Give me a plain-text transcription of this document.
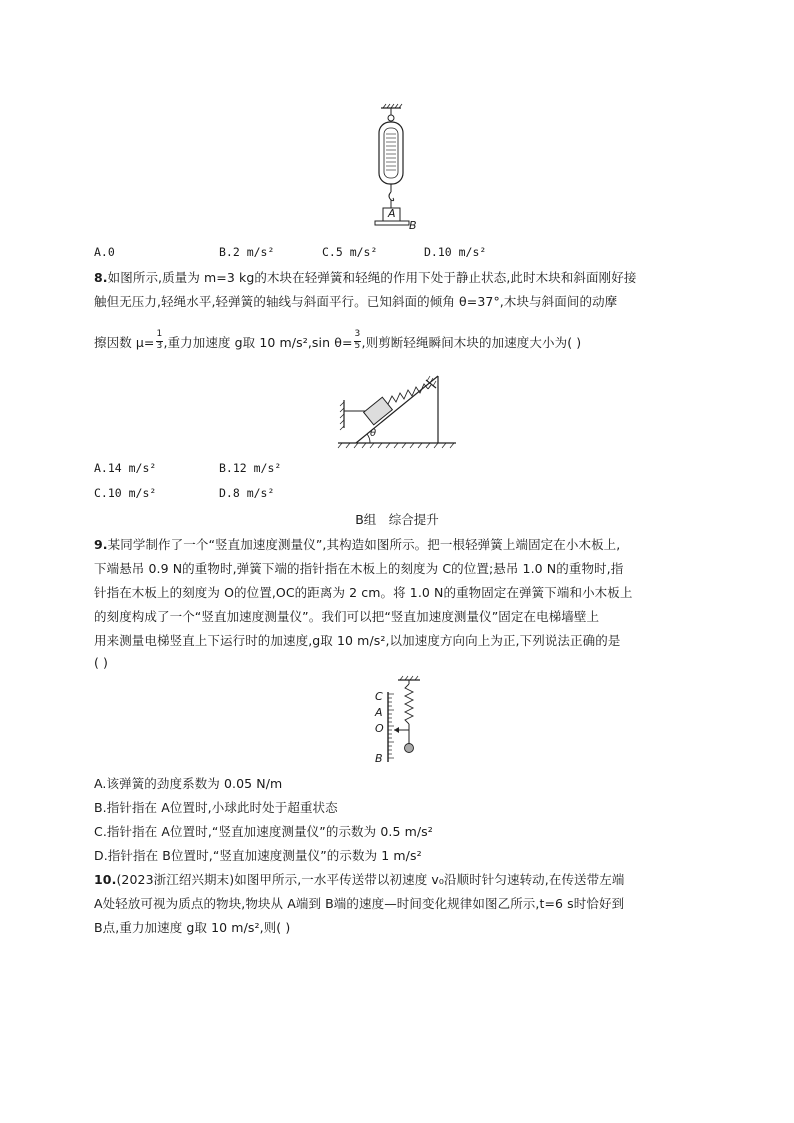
A
B
A.0	B.2 m/s²	C.5 m/s²	D.10 m/s²
8.如图所示,质量为 m=3 kg的木块在轻弹簧和轻绳的作用下处于静止状态,此时木块和斜面刚好接
触但无压力,轻绳水平,轻弹簧的轴线与斜面平行。已知斜面的倾角 θ=37°,木块与斜面间的动摩
擦因数 $\mu= \frac{1}{3}$ ,重力加速度 g取 10 m/s²,sin $\theta= \frac{3}{5}$ ,则剪断轻绳瞬间木块的加速度大小为( )
θ
A.14 m/s²	B.12 m/s²
C.10 m/s²	D.8 m/s²
B组　综合提升
9.某同学制作了一个“竖直加速度测量仪”,其构造如图所示。把一根轻弹簧上端固定在小木板上,
下端悬吊 0.9 N的重物时,弹簧下端的指针指在木板上的刻度为 C的位置;悬吊 1.0 N的重物时,指
针指在木板上的刻度为 O的位置,OC的距离为 2 cm。将 1.0 N的重物固定在弹簧下端和小木板上
的刻度构成了一个“竖直加速度测量仪”。我们可以把“竖直加速度测量仪”固定在电梯墙壁上
用来测量电梯竖直上下运行时的加速度,g取 10 m/s²,以加速度方向向上为正,下列说法正确的是
( )
C
A
O
B
A.该弹簧的劲度系数为 0.05 N/m
B.指针指在 A位置时,小球此时处于超重状态
C.指针指在 A位置时,“竖直加速度测量仪”的示数为 0.5 m/s²
D.指针指在 B位置时,“竖直加速度测量仪”的示数为 1 m/s²
10.(2023浙江绍兴期末)如图甲所示,一水平传送带以初速度 v₀沿顺时针匀速转动,在传送带左端
A处轻放可视为质点的物块,物块从 A端到 B端的速度—时间变化规律如图乙所示,t=6 s时恰好到
B点,重力加速度 g取 10 m/s²,则( )
